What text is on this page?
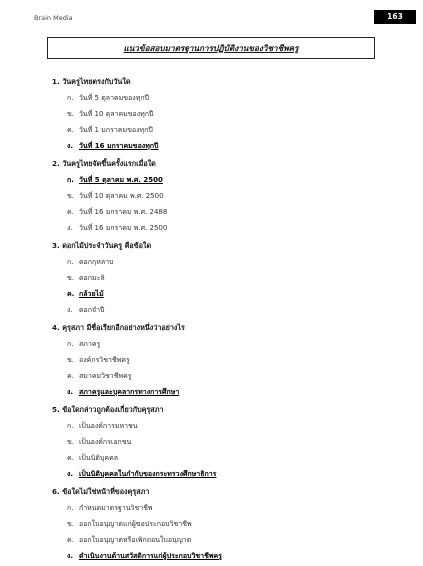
Brain Media	163
แนวข้อสอบมาตรฐานการปฏิบัติงานของวิชาชีพครู
1. วันครูไทยตรงกับวันใด
ก. วันที่ 5 ตุลาคมของทุกปี
ข. วันที่ 10 ตุลาคมของทุกปี
ค. วันที่ 1 มกราคมของทุกปี
ง. วันที่ 16 มกราคมของทุกปี
2. วันครูไทยจัดขึ้นครั้งแรกเมื่อใด
ก. วันที่ 5 ตุลาคม พ.ศ. 2500
ข. วันที่ 10 ตุลาคม พ.ศ. 2500
ค. วันที่ 16 มกราคม พ.ศ. 2488
ง. วันที่ 16 มกราคม พ.ศ. 2500
3. ดอกไม้ประจำวันครู คือข้อใด
ก. ดอกกุหลาบ
ข. ดอกมะลิ
ค. กล้วยไม้
ง. ดอกจำปี
4. คุรุสภา มีชื่อเรียกอีกอย่างหนึ่งว่าอย่างไร
ก. สภาครู
ข. องค์กรวิชาชีพครู
ค. สมาคมวิชาชีพครู
ง. สภาครูและบุคลากรทางการศึกษา
5. ข้อใดกล่าวถูกต้องเกี่ยวกับคุรุสภา
ก. เป็นองค์การมหาชน
ข. เป็นองค์กรเอกชน
ค. เป็นนิติบุคคล
ง. เป็นนิติบุคคลในกำกับของกระทรวงศึกษาธิการ
6. ข้อใดไม่ใช่หน้าที่ของคุรุสภา
ก. กำหนดมาตรฐานวิชาชีพ
ข. ออกใบอนุญาตแก่ผู้ขอประกอบวิชาชีพ
ค. ออกใบอนุญาตหรือเพิกถอนใบอนุญาต
ง. ดำเนินงานด้านสวัสดิการแก่ผู้ประกอบวิชาชีพครู
